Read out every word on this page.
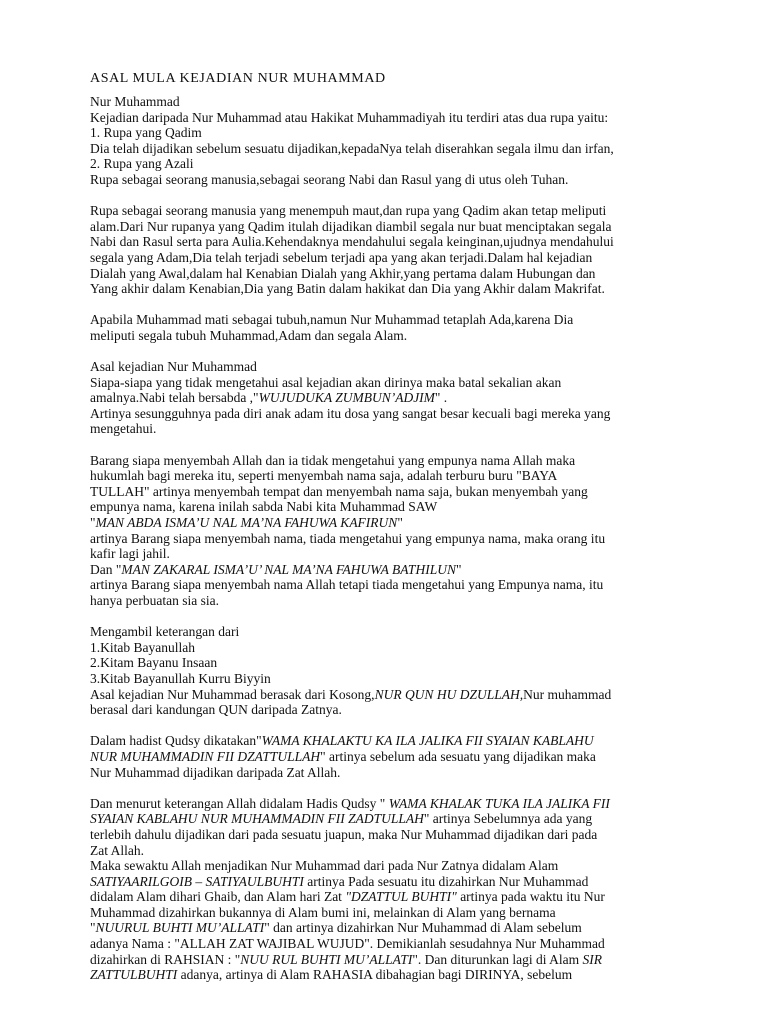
ASAL MULA KEJADIAN NUR MUHAMMAD
Nur Muhammad
Kejadian daripada Nur Muhammad atau Hakikat Muhammadiyah itu terdiri atas dua rupa yaitu:
1. Rupa yang Qadim
Dia telah dijadikan sebelum sesuatu dijadikan,kepadaNya telah diserahkan segala ilmu dan irfan,
2. Rupa yang Azali
Rupa sebagai seorang manusia,sebagai seorang Nabi dan Rasul yang di utus oleh Tuhan.
Rupa sebagai seorang manusia yang menempuh maut,dan rupa yang Qadim akan tetap meliputi
alam.Dari Nur rupanya yang Qadim itulah dijadikan diambil segala nur buat menciptakan segala
Nabi dan Rasul serta para Aulia.Kehendaknya mendahului segala keinginan,ujudnya mendahului
segala yang Adam,Dia telah terjadi sebelum terjadi apa yang akan terjadi.Dalam hal kejadian
Dialah yang Awal,dalam hal Kenabian Dialah yang Akhir,yang pertama dalam Hubungan dan
Yang akhir dalam Kenabian,Dia yang Batin dalam hakikat dan Dia yang Akhir dalam Makrifat.
Apabila Muhammad mati sebagai tubuh,namun Nur Muhammad tetaplah Ada,karena Dia
meliputi segala tubuh Muhammad,Adam dan segala Alam.
Asal kejadian Nur Muhammad
Siapa-siapa yang tidak mengetahui asal kejadian akan dirinya maka batal sekalian akan
amalnya.Nabi telah bersabda ,"WUJUDUKA ZUMBUN’ADJIM" .
Artinya sesungguhnya pada diri anak adam itu dosa yang sangat besar kecuali bagi mereka yang
mengetahui.
Barang siapa menyembah Allah dan ia tidak mengetahui yang empunya nama Allah maka
hukumlah bagi mereka itu, seperti menyembah nama saja, adalah terburu buru "BAYA
TULLAH" artinya menyembah tempat dan menyembah nama saja, bukan menyembah yang
empunya nama, karena inilah sabda Nabi kita Muhammad SAW
"MAN ABDA ISMA’U NAL MA’NA FAHUWA KAFIRUN"
artinya Barang siapa menyembah nama, tiada mengetahui yang empunya nama, maka orang itu
kafir lagi jahil.
Dan "MAN ZAKARAL ISMA’U’ NAL MA’NA FAHUWA BATHILUN"
artinya Barang siapa menyembah nama Allah tetapi tiada mengetahui yang Empunya nama, itu
hanya perbuatan sia sia.
Mengambil keterangan dari
1.Kitab Bayanullah
2.Kitam Bayanu Insaan
3.Kitab Bayanullah Kurru Biyyin
Asal kejadian Nur Muhammad berasak dari Kosong,NUR QUN HU DZULLAH,Nur muhammad
berasal dari kandungan QUN daripada Zatnya.
Dalam hadist Qudsy dikatakan"WAMA KHALAKTU KA ILA JALIKA FII SYAIAN KABLAHU
NUR MUHAMMADIN FII DZATTULLAH" artinya sebelum ada sesuatu yang dijadikan maka
Nur Muhammad dijadikan daripada Zat Allah.
Dan menurut keterangan Allah didalam Hadis Qudsy " WAMA KHALAK TUKA ILA JALIKA FII
SYAIAN KABLAHU NUR MUHAMMADIN FII ZADTULLAH" artinya Sebelumnya ada yang
terlebih dahulu dijadikan dari pada sesuatu juapun, maka Nur Muhammad dijadikan dari pada
Zat Allah.
Maka sewaktu Allah menjadikan Nur Muhammad dari pada Nur Zatnya didalam Alam
SATIYAARILGOIB – SATIYAULBUHTI artinya Pada sesuatu itu dizahirkan Nur Muhammad
didalam Alam dihari Ghaib, dan Alam hari Zat "DZATTUL BUHTI" artinya pada waktu itu Nur
Muhammad dizahirkan bukannya di Alam bumi ini, melainkan di Alam yang bernama
"NUURUL BUHTI MU’ALLATI" dan artinya dizahirkan Nur Muhammad di Alam sebelum
adanya Nama : "ALLAH ZAT WAJIBAL WUJUD". Demikianlah sesudahnya Nur Muhammad
dizahirkan di RAHSIAN : "NUU RUL BUHTI MU’ALLATI". Dan diturunkan lagi di Alam SIR
ZATTULBUHTI adanya, artinya di Alam RAHASIA dibahagian bagi DIRINYA, sebelum
